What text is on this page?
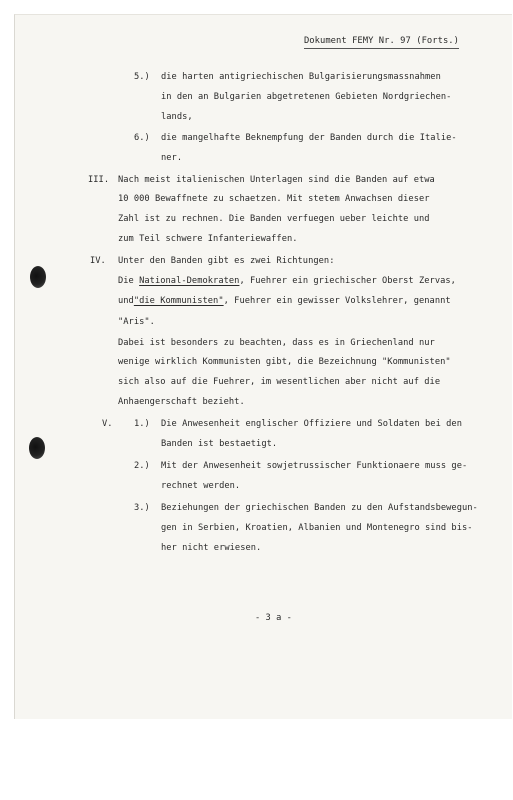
Dokument FEMY Nr. 97 (Forts.)
5.) die harten antigriechischen Bulgarisierungsmassnahmen
in den an Bulgarien abgetretenen Gebieten Nordgriechen-
lands,
6.) die mangelhafte Beknempfung der Banden durch die Italie-
ner.
III. Nach meist italienischen Unterlagen sind die Banden auf etwa
10 000 Bewaffnete zu schaetzen. Mit stetem Anwachsen dieser
Zahl ist zu rechnen. Die Banden verfuegen ueber leichte und
zum Teil schwere Infanteriewaffen.
IV. Unter den Banden gibt es zwei Richtungen:
Die National-Demokraten, Fuehrer ein griechischer Oberst Zervas,
und"die Kommunisten", Fuehrer ein gewisser Volkslehrer, genannt
"Aris".
Dabei ist besonders zu beachten, dass es in Griechenland nur
wenige wirklich Kommunisten gibt, die Bezeichnung "Kommunisten"
sich also auf die Fuehrer, im wesentlichen aber nicht auf die
Anhaengerschaft bezieht.
V. 1.) Die Anwesenheit englischer Offiziere und Soldaten bei den
Banden ist bestaetigt.
2.) Mit der Anwesenheit sowjetrussischer Funktionaere muss ge-
rechnet werden.
3.) Beziehungen der griechischen Banden zu den Aufstandsbewegun-
gen in Serbien, Kroatien, Albanien und Montenegro sind bis-
her nicht erwiesen.
- 3 a -
